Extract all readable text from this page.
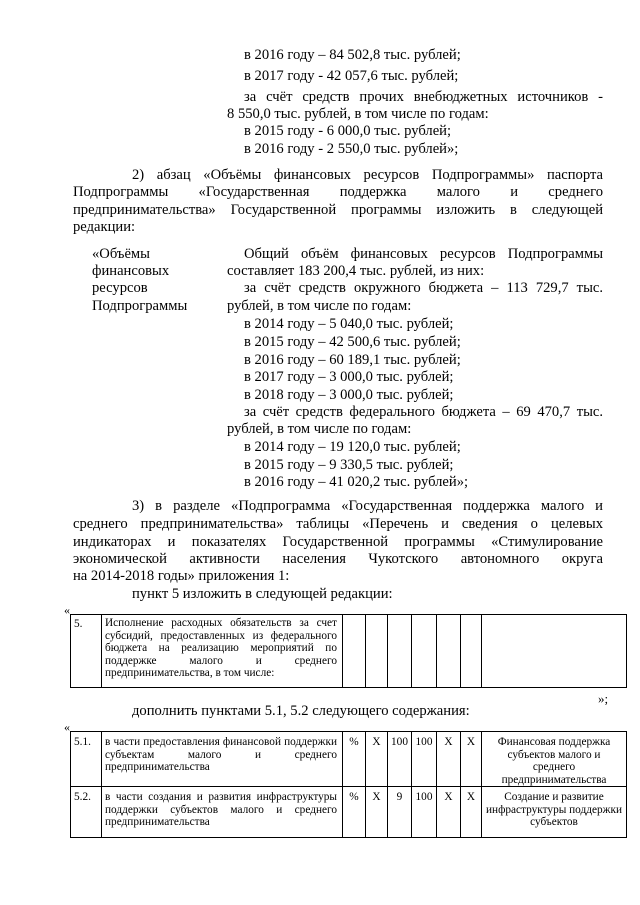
в 2016 году – 84 502,8 тыс. рублей;
в 2017 году - 42 057,6 тыс. рублей;
за счёт средств прочих внебюджетных источников -
8 550,0 тыс. рублей, в том числе по годам:
в 2015 году - 6 000,0 тыс. рублей;
в 2016 году - 2 550,0 тыс. рублей»;
2) абзац «Объёмы финансовых ресурсов Подпрограммы» паспорта
Подпрограммы «Государственная поддержка малого и среднего
предпринимательства» Государственной программы изложить в следующей
редакции:
«Объёмы
финансовых
ресурсов
Подпрограммы
Общий объём финансовых ресурсов Подпрограммы
составляет 183 200,4 тыс. рублей, из них:
за счёт средств окружного бюджета – 113 729,7 тыс.
рублей, в том числе по годам:
в 2014 году – 5 040,0 тыс. рублей;
в 2015 году – 42 500,6 тыс. рублей;
в 2016 году – 60 189,1 тыс. рублей;
в 2017 году – 3 000,0 тыс. рублей;
в 2018 году – 3 000,0 тыс. рублей;
за счёт средств федерального бюджета – 69 470,7 тыс.
рублей, в том числе по годам:
в 2014 году – 19 120,0 тыс. рублей;
в 2015 году – 9 330,5 тыс. рублей;
в 2016 году – 41 020,2 тыс. рублей»;
3) в разделе «Подпрограмма «Государственная поддержка малого и
среднего предпринимательства» таблицы «Перечень и сведения о целевых
индикаторах и показателях Государственной программы «Стимулирование
экономической активности населения Чукотского автономного округа
на 2014-2018 годы» приложения 1:
пункт 5 изложить в следующей редакции:
«
5.	Исполнение расходных обязательств за счет субсидий, предоставленных из федерального бюджета на реализацию мероприятий по поддержке малого и среднего предпринимательства, в том числе:

»;
дополнить пунктами 5.1, 5.2 следующего содержания:
«
5.1.	в части предоставления финансовой поддержки субъектам малого и среднего предпринимательства	%	Х	100	100	Х	Х	Финансовая поддержка субъектов малого и среднего предпринимательства

5.2.	в части создания и развития инфраструктуры поддержки субъектов малого и среднего предпринимательства	%	Х	9	100	Х	Х	Создание и развитие инфраструктуры поддержки субъектов
